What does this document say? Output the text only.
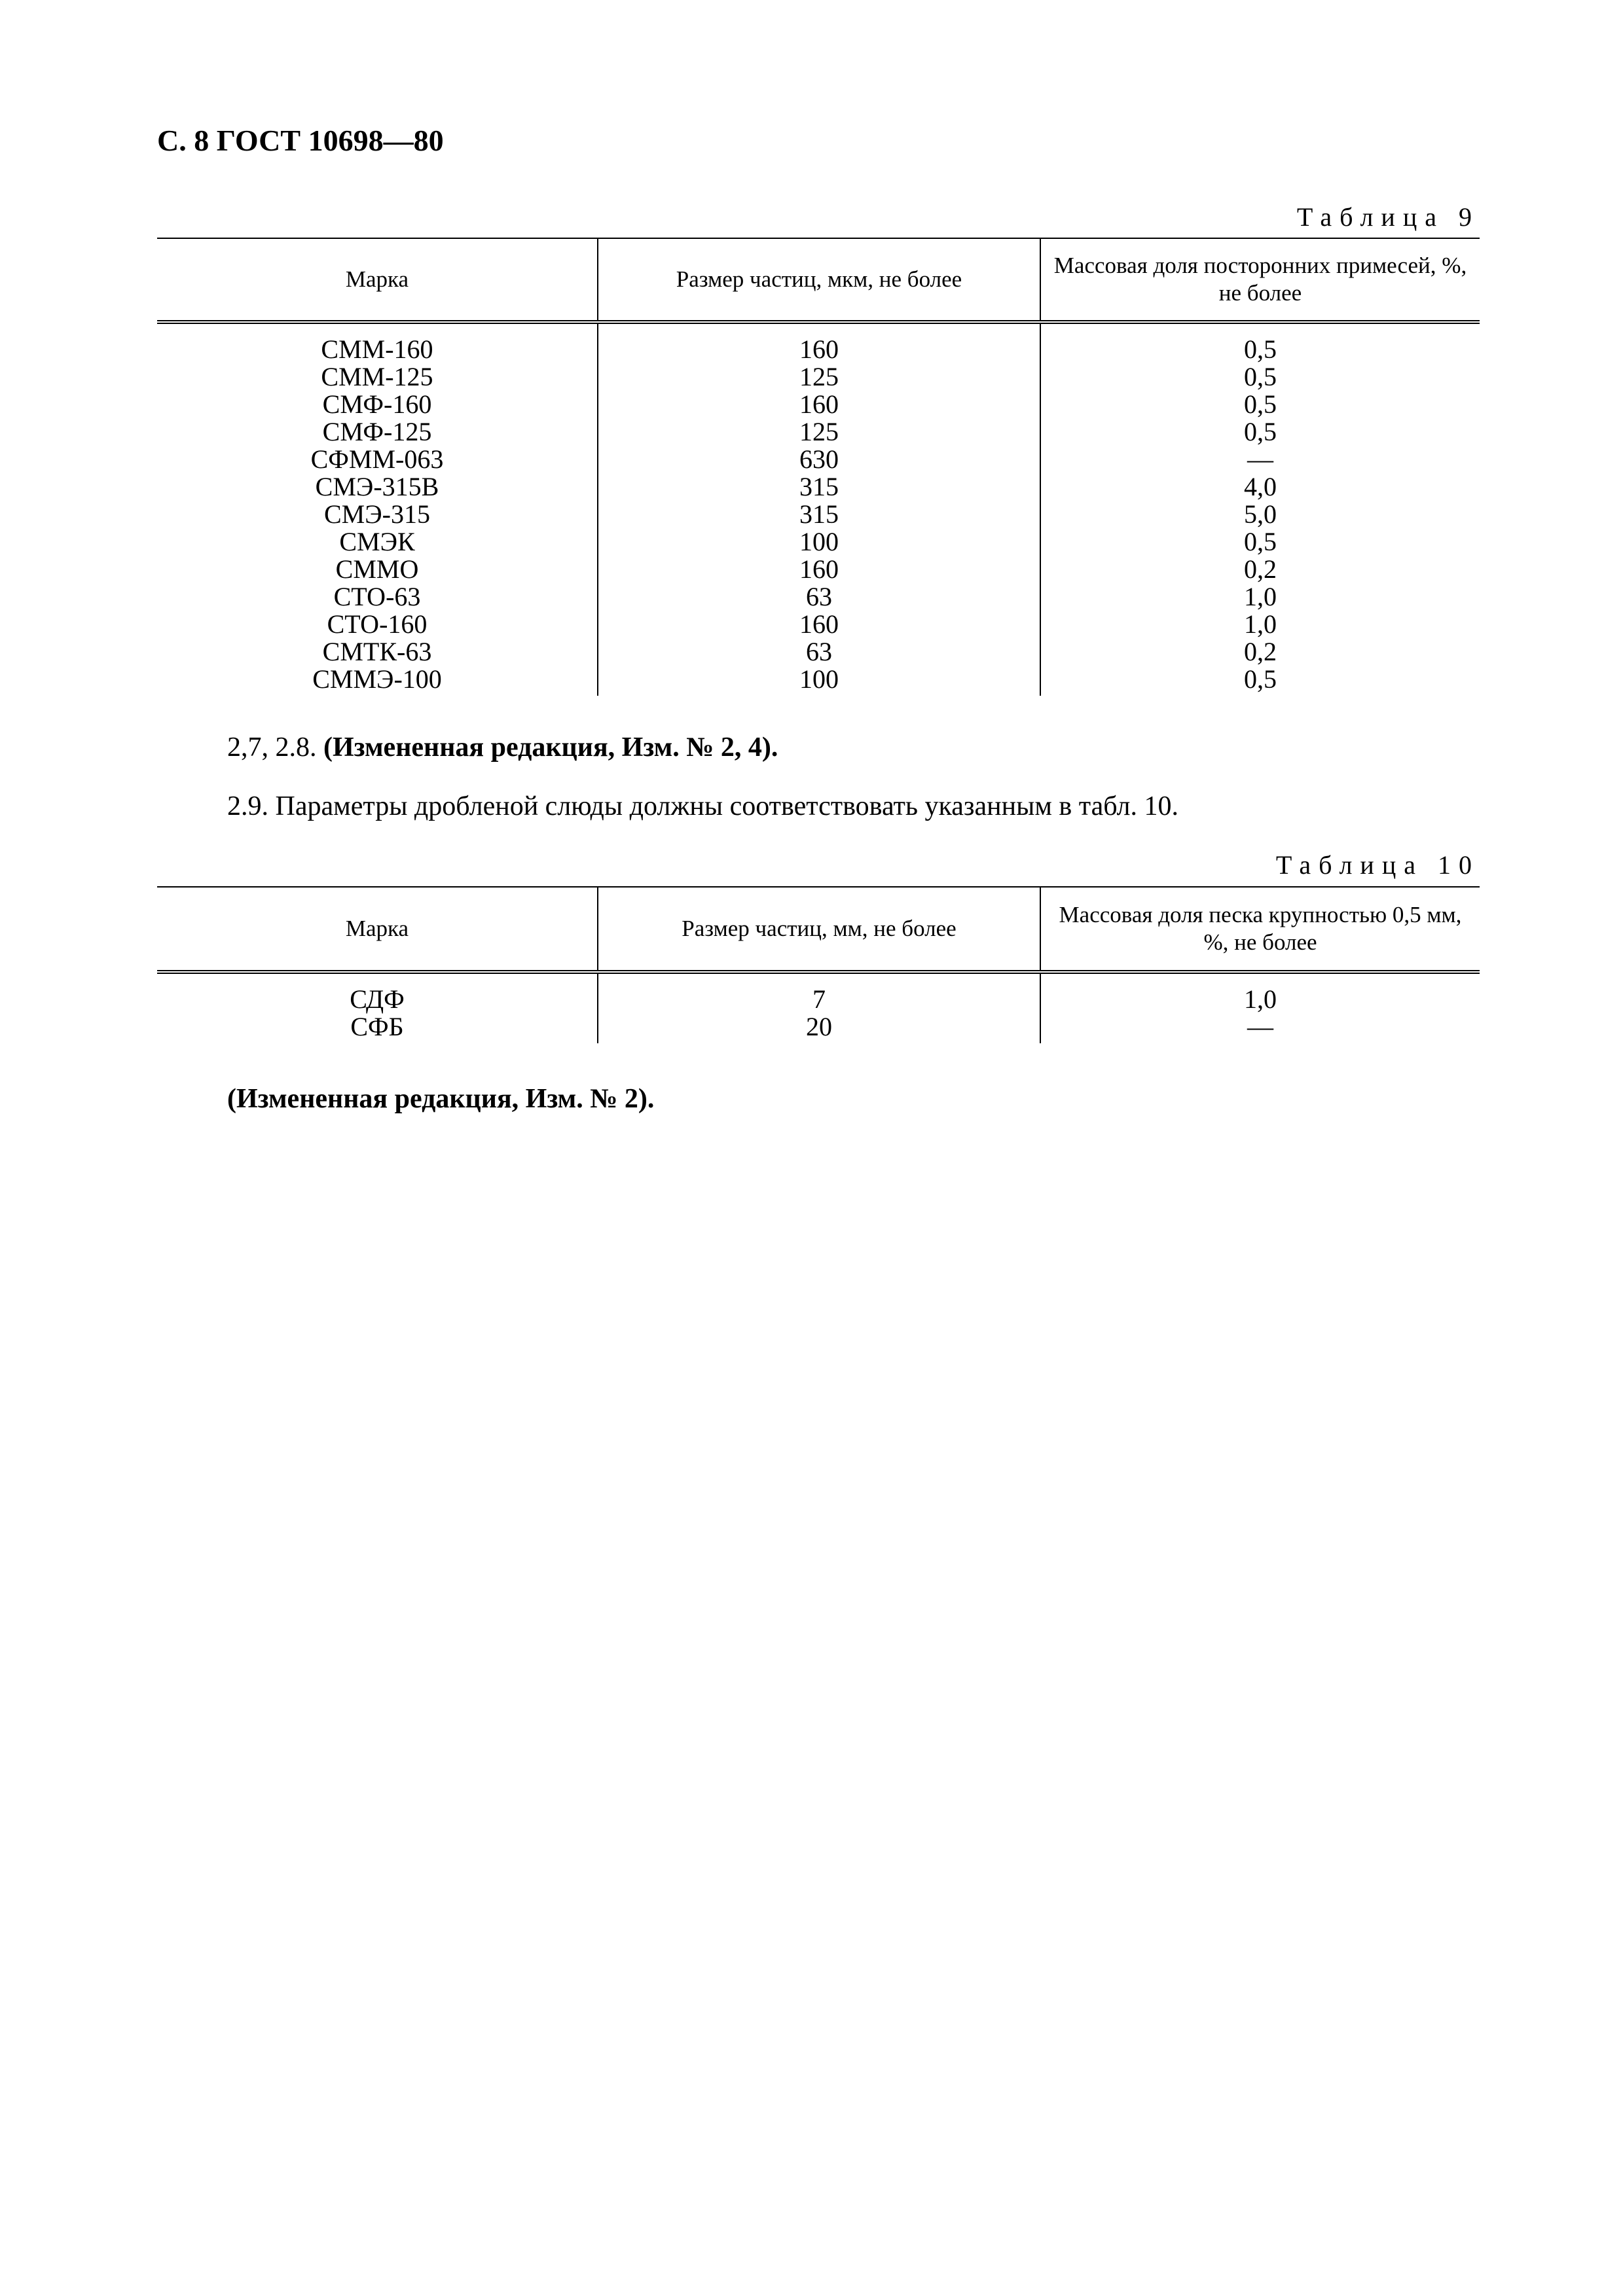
С. 8 ГОСТ 10698—80
Таблица 9
Марка	Размер частиц, мкм, не более	Массовая доля посторонних примесей, %, не более
СММ-160	160	0,5
СММ-125	125	0,5
СМФ-160	160	0,5
СМФ-125	125	0,5
СФММ-063	630	—
СМЭ-315В	315	4,0
СМЭ-315	315	5,0
СМЭК	100	0,5
СММО	160	0,2
СТО-63	63	1,0
СТО-160	160	1,0
СМТК-63	63	0,2
СММЭ-100	100	0,5
2,7, 2.8. (Измененная редакция, Изм. № 2, 4).
2.9. Параметры дробленой слюды должны соответствовать указанным в табл. 10.
Таблица 10
Марка	Размер частиц, мм, не более	Массовая доля песка крупностью 0,5 мм, %, не более
СДФ	7	1,0
СФБ	20	—
(Измененная редакция, Изм. № 2).
